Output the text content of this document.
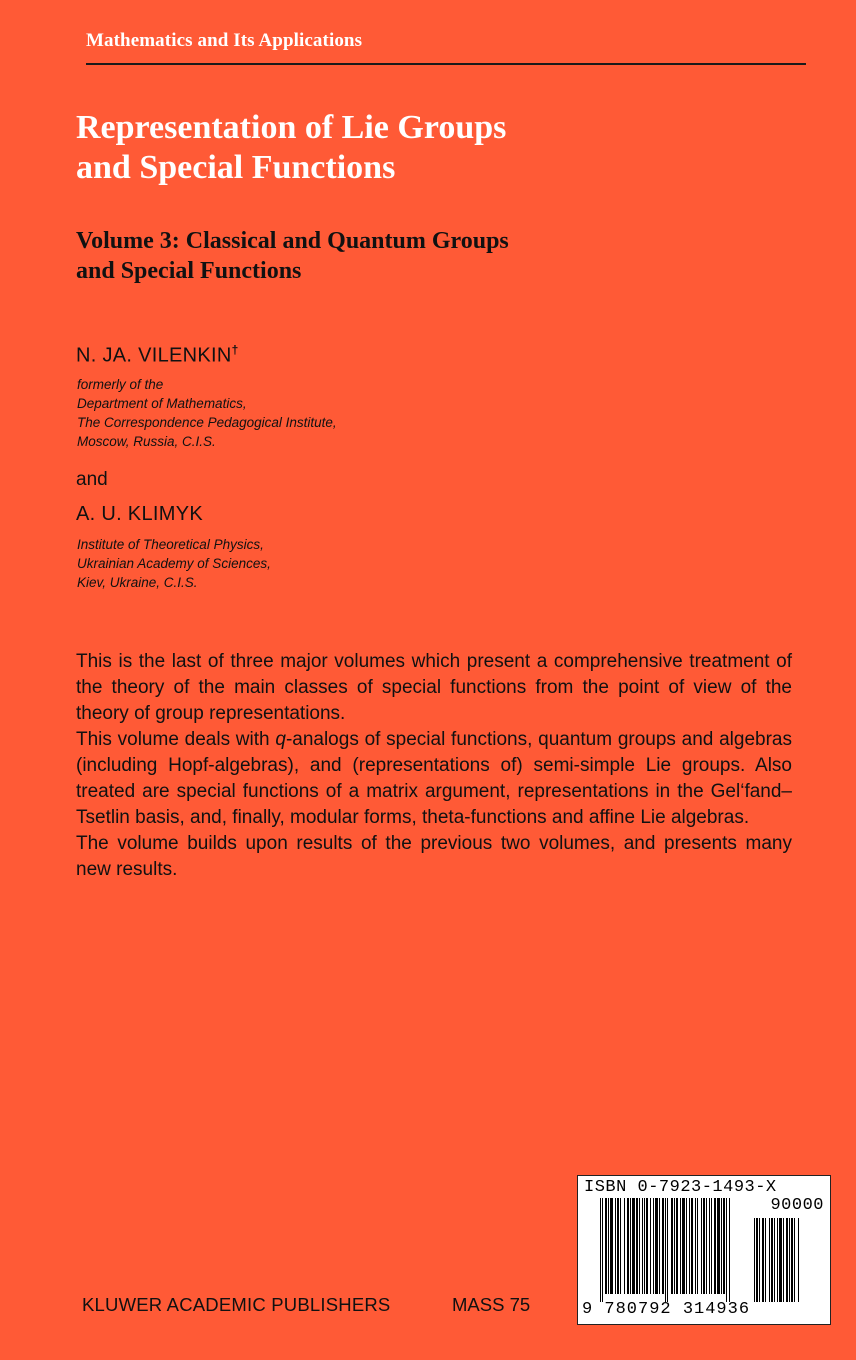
Mathematics and Its Applications
Representation of Lie Groups
and Special Functions
Volume 3: Classical and Quantum Groups
and Special Functions
N. JA. VILENKIN†
formerly of the
Department of Mathematics,
The Correspondence Pedagogical Institute,
Moscow, Russia, C.I.S.
and
A. U. KLIMYK
Institute of Theoretical Physics,
Ukrainian Academy of Sciences,
Kiev, Ukraine, C.I.S.

This is the last of three major volumes which present a comprehensive treatment of the theory of the main classes of special functions from the point of view of the theory of group representations.

This volume deals with q-analogs of special functions, quantum groups and algebras (including Hopf-algebras), and (representations of) semi-simple Lie groups. Also treated are special functions of a matrix argument, representations in the Gel‘fand–Tsetlin basis, and, finally, modular forms, theta-functions and affine Lie algebras.

The volume builds upon results of the previous two volumes, and presents many new results.

KLUWER ACADEMIC PUBLISHERS	MASS 75
ISBN 0-7923-1493-X
90000
9 780792 314936
